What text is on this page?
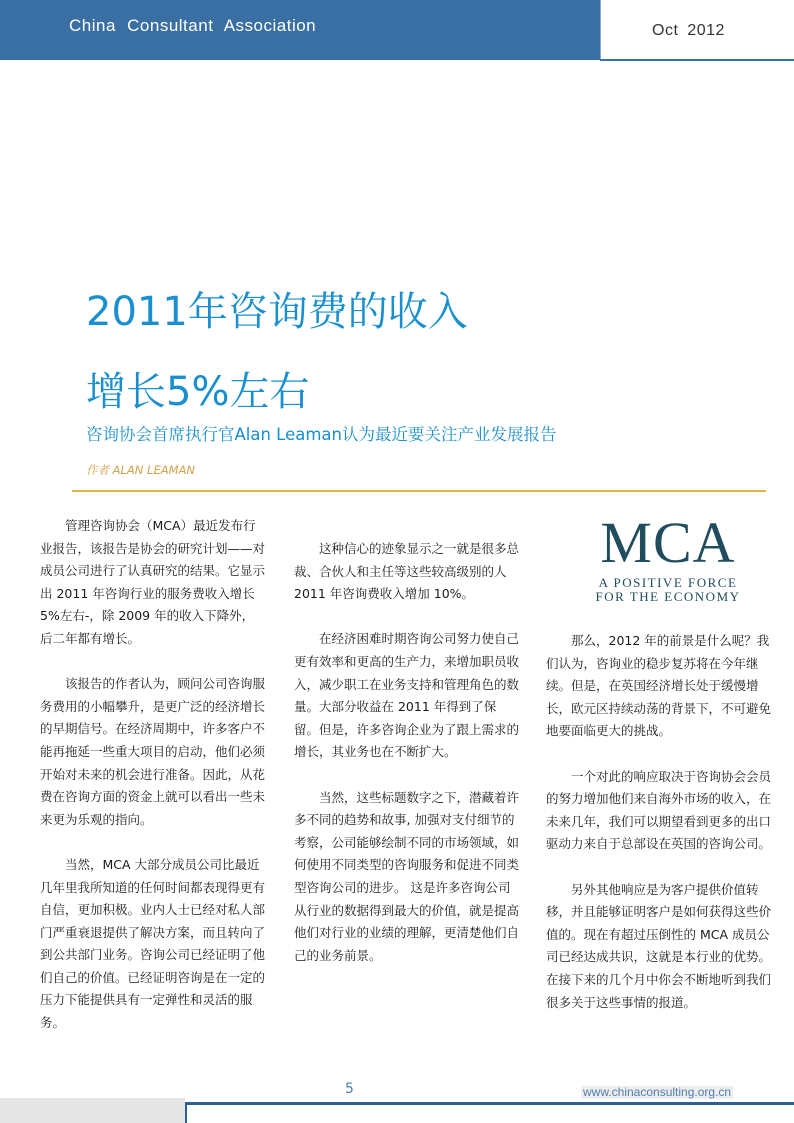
China Consultant Association	Oct 2012
2011年咨询费的收入
增长5%左右
咨询协会首席执行官Alan Leaman认为最近要关注产业发展报告
作者 ALAN LEAMAN

管理咨询协会（MCA）最近发布行业报告，该报告是协会的研究计划——对成员公司进行了认真研究的结果。它显示出 2011 年咨询行业的服务费收入增长 5%左右-，除 2009 年的收入下降外，后二年都有增长。

该报告的作者认为，顾问公司咨询服务费用的小幅攀升，是更广泛的经济增长的早期信号。在经济周期中，许多客户不能再拖延一些重大项目的启动，他们必须开始对未来的机会进行准备。因此，从花费在咨询方面的资金上就可以看出一些未来更为乐观的指向。

当然，MCA 大部分成员公司比最近几年里我所知道的任何时间都表现得更有自信，更加积极。业内人士已经对私人部门严重衰退提供了解决方案，而且转向了到公共部门业务。咨询公司已经证明了他们自己的价值。已经证明咨询是在一定的压力下能提供具有一定弹性和灵活的服务。

这种信心的迹象显示之一就是很多总裁、合伙人和主任等这些较高级别的人 2011 年咨询费收入增加 10%。

在经济困难时期咨询公司努力使自己更有效率和更高的生产力，来增加职员收入，减少职工在业务支持和管理角色的数量。大部分收益在 2011 年得到了保留。但是，许多咨询企业为了跟上需求的增长，其业务也在不断扩大。

当然，这些标题数字之下，潜藏着许多不同的趋势和故事, 加强对支付细节的考察，公司能够绘制不同的市场领域，如何使用不同类型的咨询服务和促进不同类型咨询公司的进步。 这是许多咨询公司从行业的数据得到最大的价值，就是提高他们对行业的业绩的理解，更清楚他们自己的业务前景。

MCA
A POSITIVE FORCE
FOR THE ECONOMY

那么，2012 年的前景是什么呢？我们认为，咨询业的稳步复苏将在今年继续。但是，在英国经济增长处于缓慢增长，欧元区持续动荡的背景下，不可避免地要面临更大的挑战。

一个对此的响应取决于咨询协会会员的努力增加他们来自海外市场的收入，在未来几年，我们可以期望看到更多的出口驱动力来自于总部设在英国的咨询公司。

另外其他响应是为客户提供价值转移，并且能够证明客户是如何获得这些价值的。现在有超过压倒性的 MCA 成员公司已经达成共识，这就是本行业的优势。在接下来的几个月中你会不断地听到我们很多关于这些事情的报道。

5	www.chinaconsulting.org.cn
